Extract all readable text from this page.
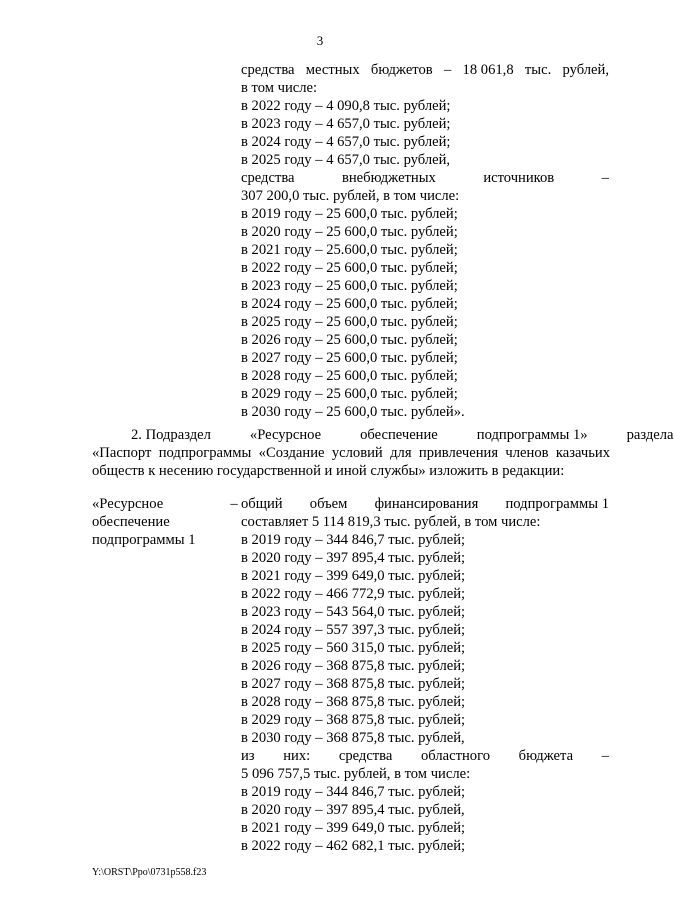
3
средства местных бюджетов – 18 061,8 тыс. рублей,
в том числе:
в 2022 году – 4 090,8 тыс. рублей;
в 2023 году – 4 657,0 тыс. рублей;
в 2024 году – 4 657,0 тыс. рублей;
в 2025 году – 4 657,0 тыс. рублей,
средства	внебюджетных	источников	–
307 200,0 тыс. рублей, в том числе:
в 2019 году – 25 600,0 тыс. рублей;
в 2020 году – 25 600,0 тыс. рублей;
в 2021 году – 25.600,0 тыс. рублей;
в 2022 году – 25 600,0 тыс. рублей;
в 2023 году – 25 600,0 тыс. рублей;
в 2024 году – 25 600,0 тыс. рублей;
в 2025 году – 25 600,0 тыс. рублей;
в 2026 году – 25 600,0 тыс. рублей;
в 2027 году – 25 600,0 тыс. рублей;
в 2028 году – 25 600,0 тыс. рублей;
в 2029 году – 25 600,0 тыс. рублей;
в 2030 году – 25 600,0 тыс. рублей».
2. Подраздел	«Ресурсное	обеспечение	подпрограммы 1»	раздела
«Паспорт подпрограммы «Создание условий для привлечения членов казачьих
обществ к несению государственной и иной службы» изложить в редакции:
«Ресурсное
обеспечение
подпрограммы 1
– общий объем финансирования подпрограммы 1
составляет 5 114 819,3 тыс. рублей, в том числе:
в 2019 году – 344 846,7 тыс. рублей;
в 2020 году – 397 895,4 тыс. рублей;
в 2021 году – 399 649,0 тыс. рублей;
в 2022 году – 466 772,9 тыс. рублей;
в 2023 году – 543 564,0 тыс. рублей;
в 2024 году – 557 397,3 тыс. рублей;
в 2025 году – 560 315,0 тыс. рублей;
в 2026 году – 368 875,8 тыс. рублей;
в 2027 году – 368 875,8 тыс. рублей;
в 2028 году – 368 875,8 тыс. рублей;
в 2029 году – 368 875,8 тыс. рублей;
в 2030 году – 368 875,8 тыс. рублей,
из них: средства областного бюджета –
5 096 757,5 тыс. рублей, в том числе:
в 2019 году – 344 846,7 тыс. рублей;
в 2020 году – 397 895,4 тыс. рублей,
в 2021 году – 399 649,0 тыс. рублей;
в 2022 году – 462 682,1 тыс. рублей;
Y:\ORST\Ppo\0731p558.f23
